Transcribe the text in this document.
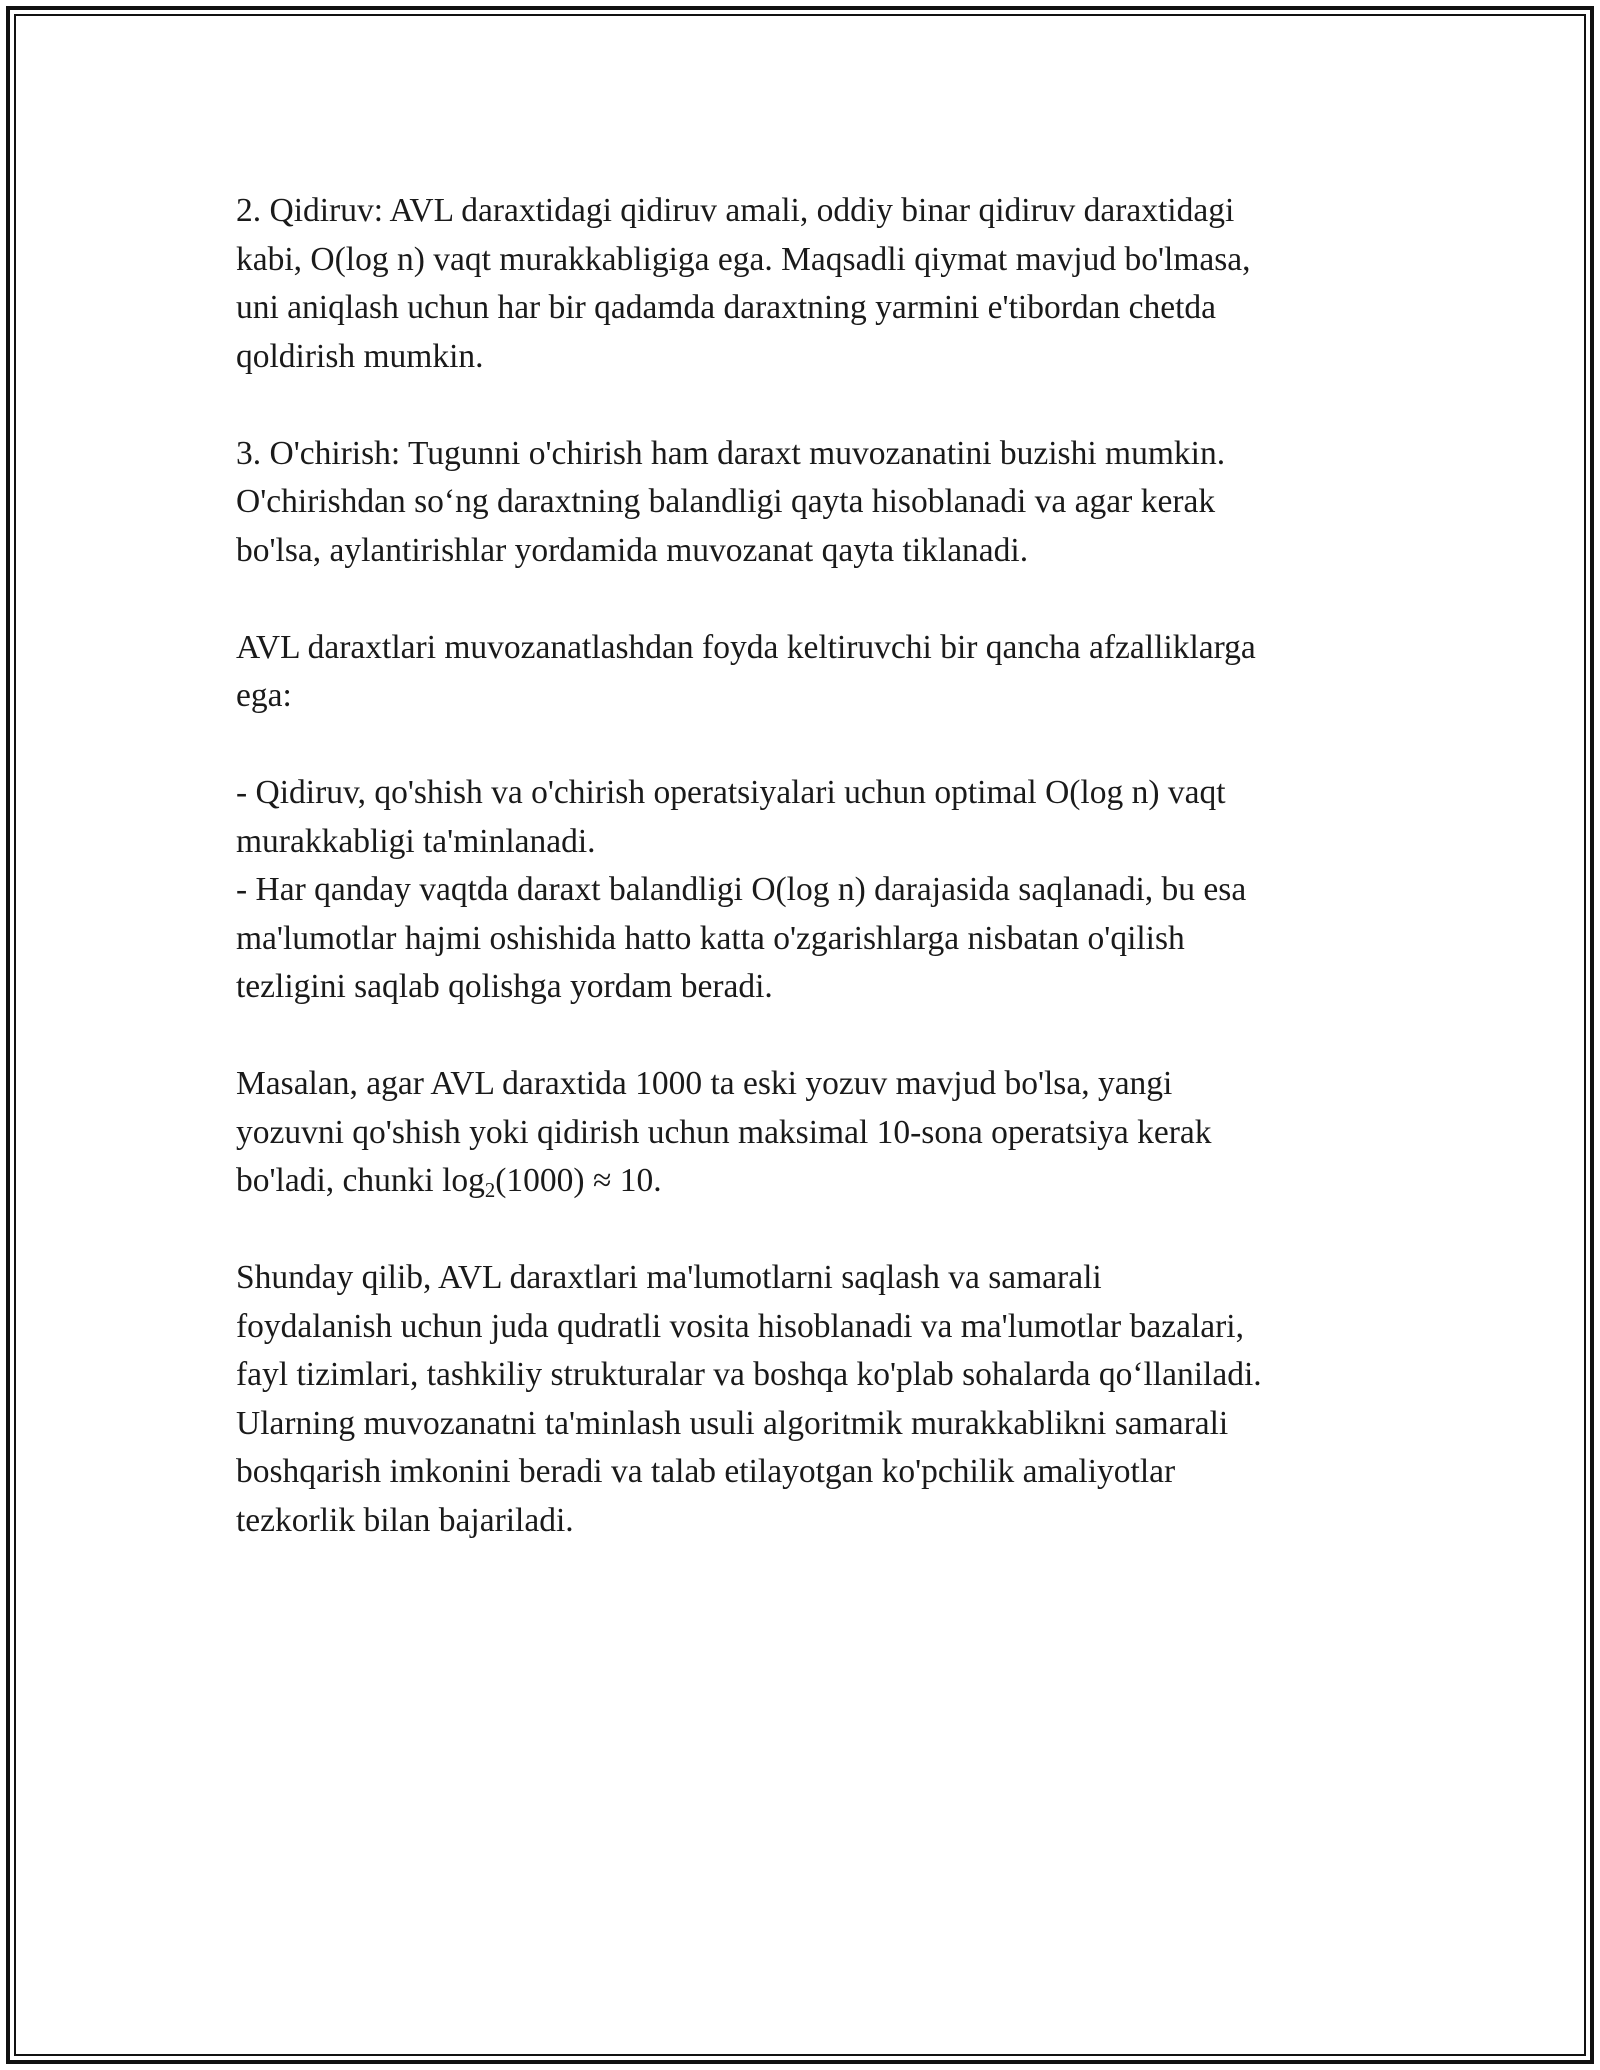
2. Qidiruv: AVL daraxtidagi qidiruv amali, oddiy binar qidiruv daraxtidagi
kabi, O(log n) vaqt murakkabligiga ega. Maqsadli qiymat mavjud bo'lmasa,
uni aniqlash uchun har bir qadamda daraxtning yarmini e'tibordan chetda
qoldirish mumkin.

3. O'chirish: Tugunni o'chirish ham daraxt muvozanatini buzishi mumkin.
O'chirishdan so‘ng daraxtning balandligi qayta hisoblanadi va agar kerak
bo'lsa, aylantirishlar yordamida muvozanat qayta tiklanadi.

AVL daraxtlari muvozanatlashdan foyda keltiruvchi bir qancha afzalliklarga
ega:

- Qidiruv, qo'shish va o'chirish operatsiyalari uchun optimal O(log n) vaqt
murakkabligi ta'minlanadi.

- Har qanday vaqtda daraxt balandligi O(log n) darajasida saqlanadi, bu esa
ma'lumotlar hajmi oshishida hatto katta o'zgarishlarga nisbatan o'qilish
tezligini saqlab qolishga yordam beradi.

Masalan, agar AVL daraxtida 1000 ta eski yozuv mavjud bo'lsa, yangi
yozuvni qo'shish yoki qidirish uchun maksimal 10-sona operatsiya kerak
bo'ladi, chunki $\log_2(1000) \approx 10$.

Shunday qilib, AVL daraxtlari ma'lumotlarni saqlash va samarali
foydalanish uchun juda qudratli vosita hisoblanadi va ma'lumotlar bazalari,
fayl tizimlari, tashkiliy strukturalar va boshqa ko'plab sohalarda qo‘llaniladi.
Ularning muvozanatni ta'minlash usuli algoritmik murakkablikni samarali
boshqarish imkonini beradi va talab etilayotgan ko'pchilik amaliyotlar
tezkorlik bilan bajariladi.
